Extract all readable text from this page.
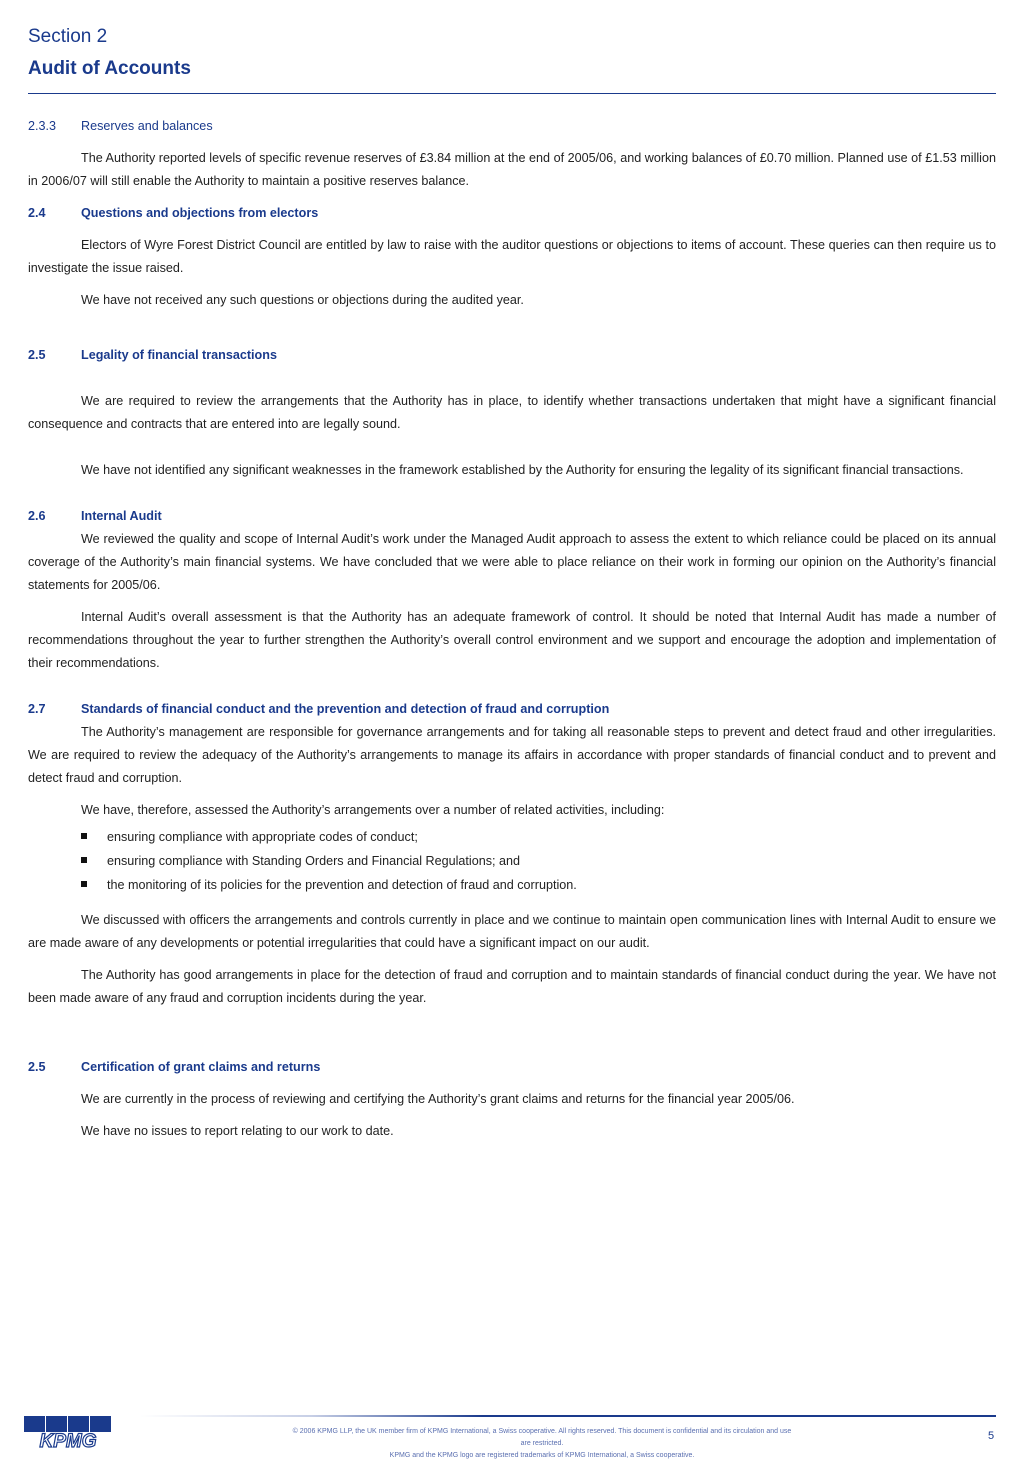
Section 2
Audit of Accounts
2.3.3	Reserves and balances

The Authority reported levels of specific revenue reserves of £3.84 million at the end of 2005/06, and working balances of £0.70 million. Planned use of £1.53 million in 2006/07 will still enable the Authority to maintain a positive reserves balance.

2.4	Questions and objections from electors

Electors of Wyre Forest District Council are entitled by law to raise with the auditor questions or objections to items of account. These queries can then require us to investigate the issue raised.

We have not received any such questions or objections during the audited year.

2.5	Legality of financial transactions

We are required to review the arrangements that the Authority has in place, to identify whether transactions undertaken that might have a significant financial consequence and contracts that are entered into are legally sound.

We have not identified any significant weaknesses in the framework established by the Authority for ensuring the legality of its significant financial transactions.

2.6	Internal Audit

We reviewed the quality and scope of Internal Audit’s work under the Managed Audit approach to assess the extent to which reliance could be placed on its annual coverage of the Authority’s main financial systems. We have concluded that we were able to place reliance on their work in forming our opinion on the Authority’s financial statements for 2005/06.

Internal Audit’s overall assessment is that the Authority has an adequate framework of control. It should be noted that Internal Audit has made a number of recommendations throughout the year to further strengthen the Authority’s overall control environment and we support and encourage the adoption and implementation of their recommendations.

2.7	Standards of financial conduct and the prevention and detection of fraud and corruption

The Authority’s management are responsible for governance arrangements and for taking all reasonable steps to prevent and detect fraud and other irregularities. We are required to review the adequacy of the Authority’s arrangements to manage its affairs in accordance with proper standards of financial conduct and to prevent and detect fraud and corruption.

We have, therefore, assessed the Authority’s arrangements over a number of related activities, including:

ensuring compliance with appropriate codes of conduct;
ensuring compliance with Standing Orders and Financial Regulations; and
the monitoring of its policies for the prevention and detection of fraud and corruption.

We discussed with officers the arrangements and controls currently in place and we continue to maintain open communication lines with Internal Audit to ensure we are made aware of any developments or potential irregularities that could have a significant impact on our audit.

The Authority has good arrangements in place for the detection of fraud and corruption and to maintain standards of financial conduct during the year. We have not been made aware of any fraud and corruption incidents during the year.

2.5	Certification of grant claims and returns

We are currently in the process of reviewing and certifying the Authority’s grant claims and returns for the financial year 2005/06.

We have no issues to report relating to our work to date.

KPMG	© 2006 KPMG LLP, the UK member firm of KPMG International, a Swiss cooperative. All rights reserved. This document is confidential and its circulation and use
are restricted.
KPMG and the KPMG logo are registered trademarks of KPMG International, a Swiss cooperative.
5
